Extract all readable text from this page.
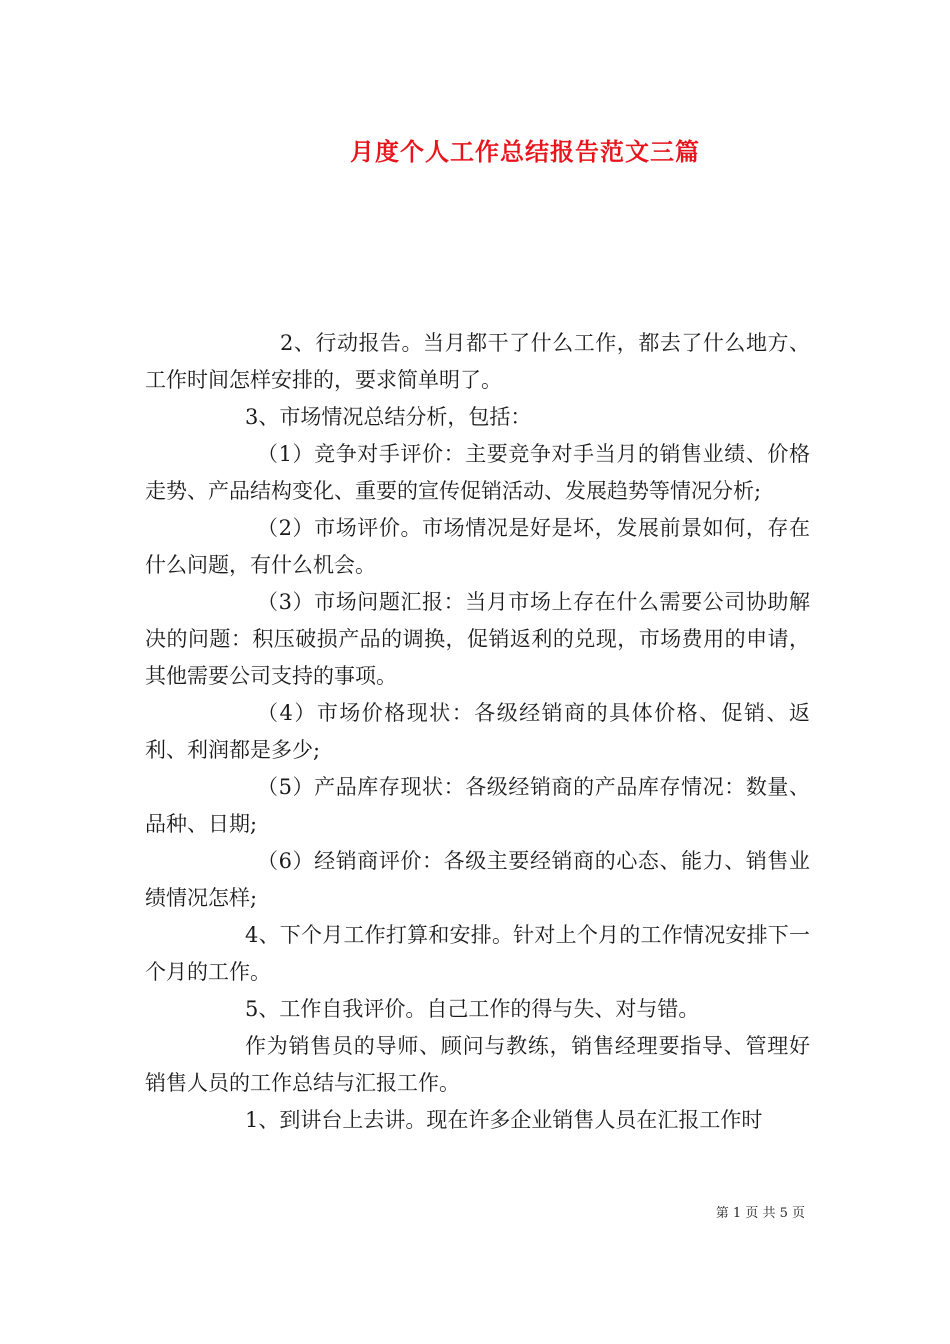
月度个人工作总结报告范文三篇

2、行动报告。当月都干了什么工作，都去了什么地方、工作时间怎样安排的，要求简单明了。

3、市场情况总结分析，包括：

（1）竞争对手评价：主要竞争对手当月的销售业绩、价格走势、产品结构变化、重要的宣传促销活动、发展趋势等情况分析;

（2）市场评价。市场情况是好是坏，发展前景如何，存在什么问题，有什么机会。

（3）市场问题汇报：当月市场上存在什么需要公司协助解决的问题：积压破损产品的调换，促销返利的兑现，市场费用的申请，其他需要公司支持的事项。

（4）市场价格现状：各级经销商的具体价格、促销、返利、利润都是多少;

（5）产品库存现状：各级经销商的产品库存情况：数量、品种、日期;

（6）经销商评价：各级主要经销商的心态、能力、销售业绩情况怎样;

4、下个月工作打算和安排。针对上个月的工作情况安排下一个月的工作。

5、工作自我评价。自己工作的得与失、对与错。

作为销售员的导师、顾问与教练，销售经理要指导、管理好销售人员的工作总结与汇报工作。

1、到讲台上去讲。现在许多企业销售人员在汇报工作时

第 1 页 共 5 页
